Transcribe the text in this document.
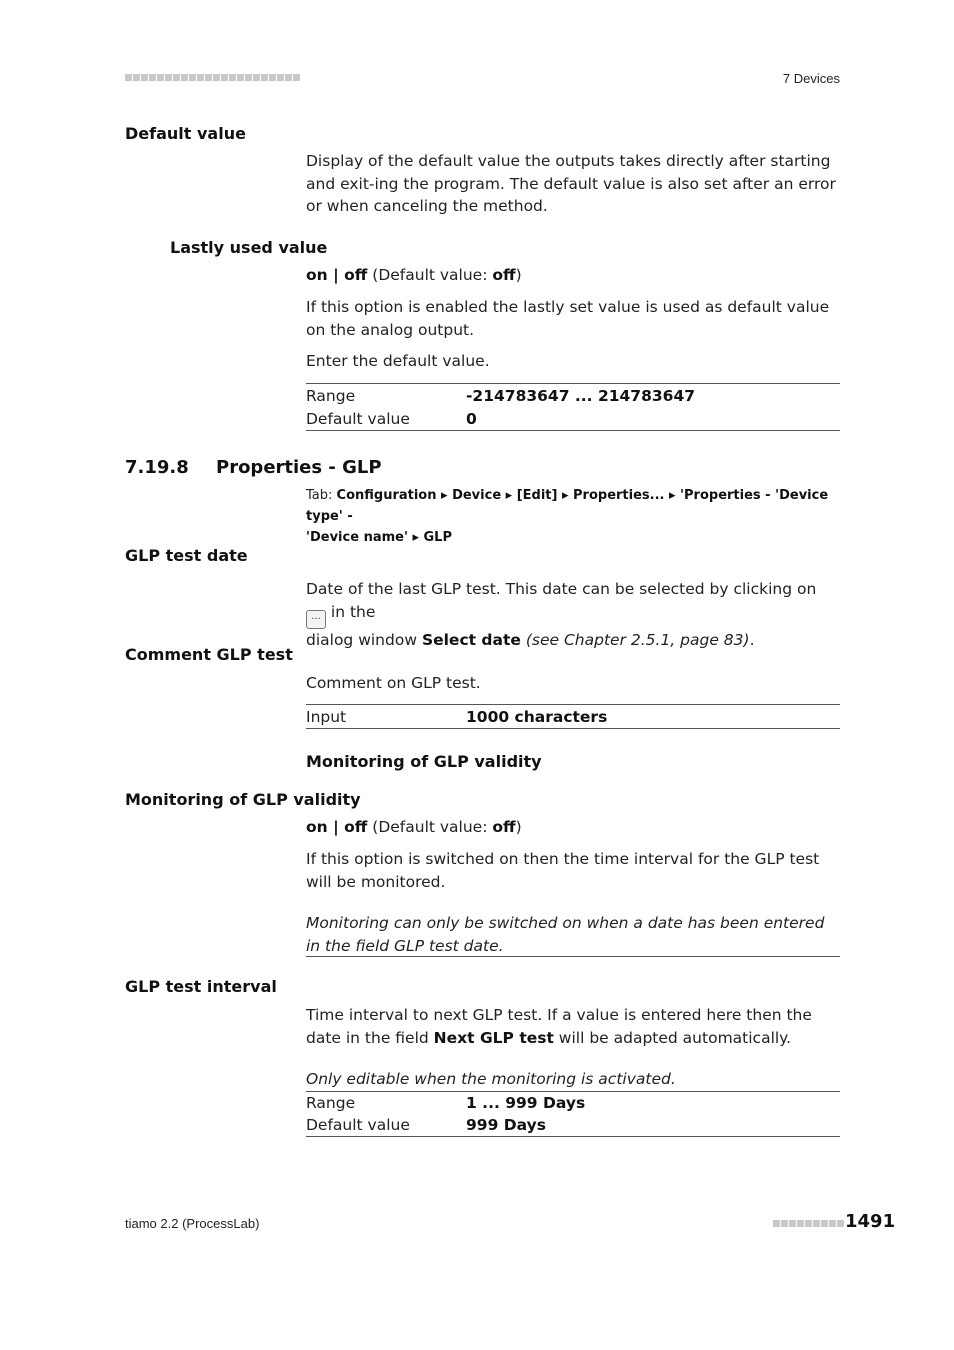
7 Devices
Default value
Display of the default value the outputs takes directly after starting and exit-ing the program. The default value is also set after an error or when canceling the method.
Lastly used value
on | off (Default value: off)
If this option is enabled the lastly set value is used as default value on the analog output.
Enter the default value.
Range	-214783647 ... 214783647
Default value	0
7.19.8 Properties - GLP
Tab: Configuration ▸ Device ▸ [Edit] ▸ Properties... ▸ 'Properties - 'Device type' -
'Device name' ▸ GLP
GLP test date
Date of the last GLP test. This date can be selected by clicking on ... in the
dialog window Select date (see Chapter 2.5.1, page 83).
Comment GLP test
Comment on GLP test.
Input	1000 characters
Monitoring of GLP validity
Monitoring of GLP validity
on | off (Default value: off)
If this option is switched on then the time interval for the GLP test will be monitored.
Monitoring can only be switched on when a date has been entered in the field GLP test date.
GLP test interval
Time interval to next GLP test. If a value is entered here then the date in the field Next GLP test will be adapted automatically.
Only editable when the monitoring is activated.
Range	1 ... 999 Days
Default value	999 Days
tiamo 2.2 (ProcessLab)	1491
